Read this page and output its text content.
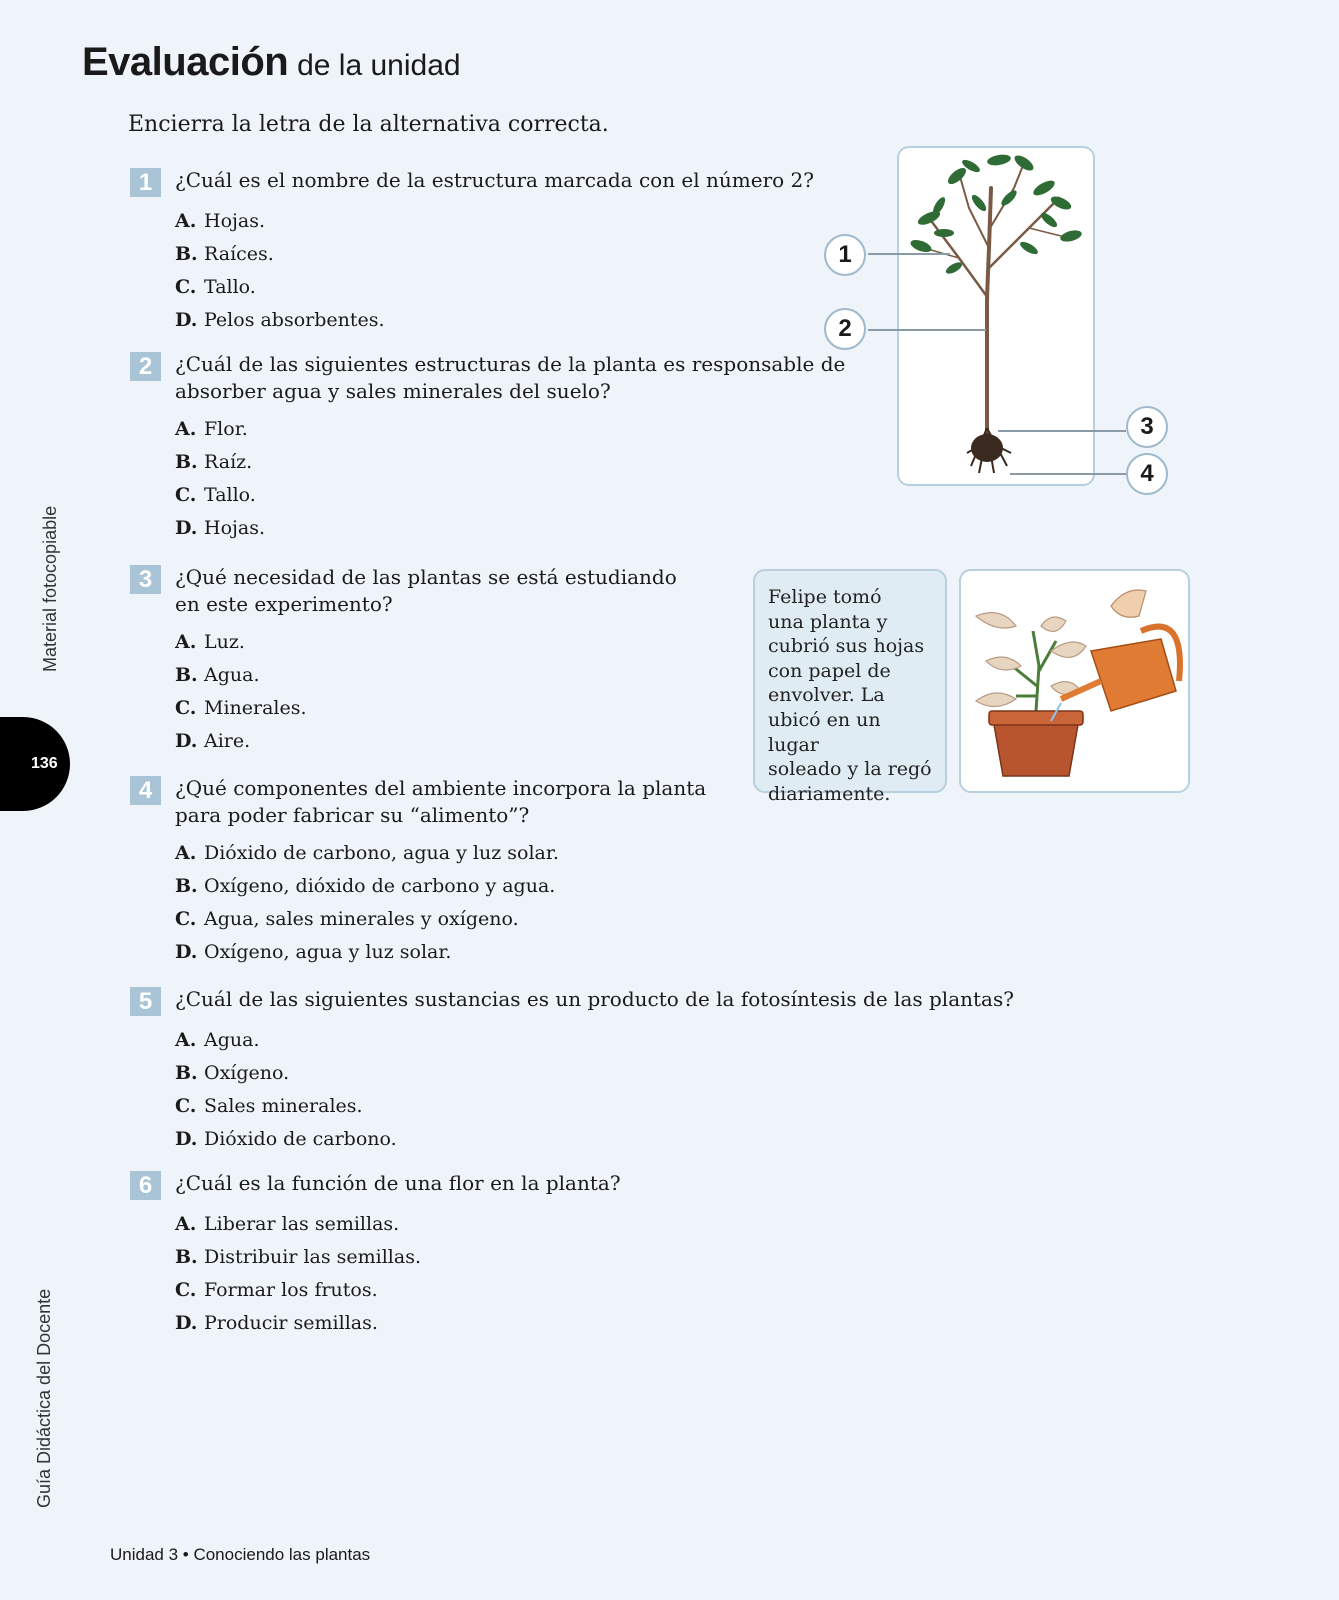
Evaluación de la unidad

Encierra la letra de la alternativa correcta.

1	¿Cuál es el nombre de la estructura marcada con el número 2?
A. Hojas.
B. Raíces.
C. Tallo.
D. Pelos absorbentes.
2	¿Cuál de las siguientes estructuras de la planta es responsable de
absorber agua y sales minerales del suelo?
A. Flor.
B. Raíz.
C. Tallo.
D. Hojas.
3	¿Qué necesidad de las plantas se está estudiando
en este experimento?
A. Luz.
B. Agua.
C. Minerales.
D. Aire.
4	¿Qué componentes del ambiente incorpora la planta
para poder fabricar su “alimento”?
A. Dióxido de carbono, agua y luz solar.
B. Oxígeno, dióxido de carbono y agua.
C. Agua, sales minerales y oxígeno.
D. Oxígeno, agua y luz solar.
5	¿Cuál de las siguientes sustancias es un producto de la fotosíntesis de las plantas?
A. Agua.
B. Oxígeno.
C. Sales minerales.
D. Dióxido de carbono.
6	¿Cuál es la función de una flor en la planta?
A. Liberar las semillas.
B. Distribuir las semillas.
C. Formar los frutos.
D. Producir semillas.
1
2
3
4
Felipe tomó
una planta y
cubrió sus hojas
con papel de
envolver. La
ubicó en un lugar
soleado y la regó
diariamente.
Material fotocopiable
136
Guía Didáctica del Docente
Unidad 3 • Conociendo las plantas
